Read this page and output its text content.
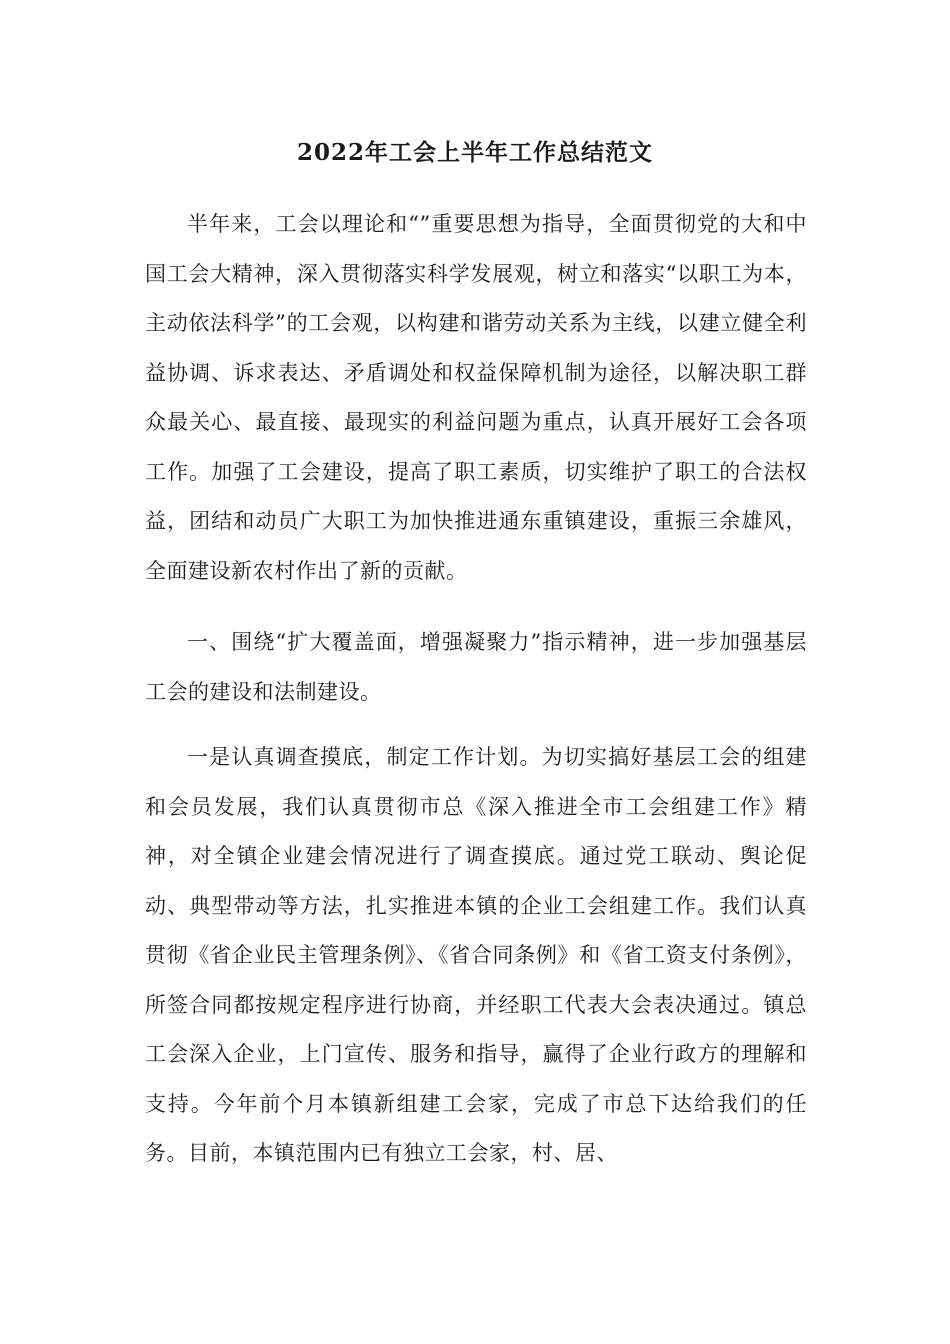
2022年工会上半年工作总结范文

半年来，工会以理论和“”重要思想为指导，全面贯彻党的大和中国工会大精神，深入贯彻落实科学发展观，树立和落实“以职工为本，主动依法科学”的工会观，以构建和谐劳动关系为主线，以建立健全利益协调、诉求表达、矛盾调处和权益保障机制为途径，以解决职工群众最关心、最直接、最现实的利益问题为重点，认真开展好工会各项工作。加强了工会建设，提高了职工素质，切实维护了职工的合法权益，团结和动员广大职工为加快推进通东重镇建设，重振三余雄风，全面建设新农村作出了新的贡献。

一、围绕“扩大覆盖面，增强凝聚力”指示精神，进一步加强基层工会的建设和法制建设。

一是认真调查摸底，制定工作计划。为切实搞好基层工会的组建和会员发展，我们认真贯彻市总《深入推进全市工会组建工作》精神，对全镇企业建会情况进行了调查摸底。通过党工联动、舆论促动、典型带动等方法，扎实推进本镇的企业工会组建工作。我们认真贯彻《省企业民主管理条例》、《省合同条例》和《省工资支付条例》，所签合同都按规定程序进行协商，并经职工代表大会表决通过。镇总工会深入企业，上门宣传、服务和指导，赢得了企业行政方的理解和支持。今年前个月本镇新组建工会家，完成了市总下达给我们的任务。目前，本镇范围内已有独立工会家，村、居、
